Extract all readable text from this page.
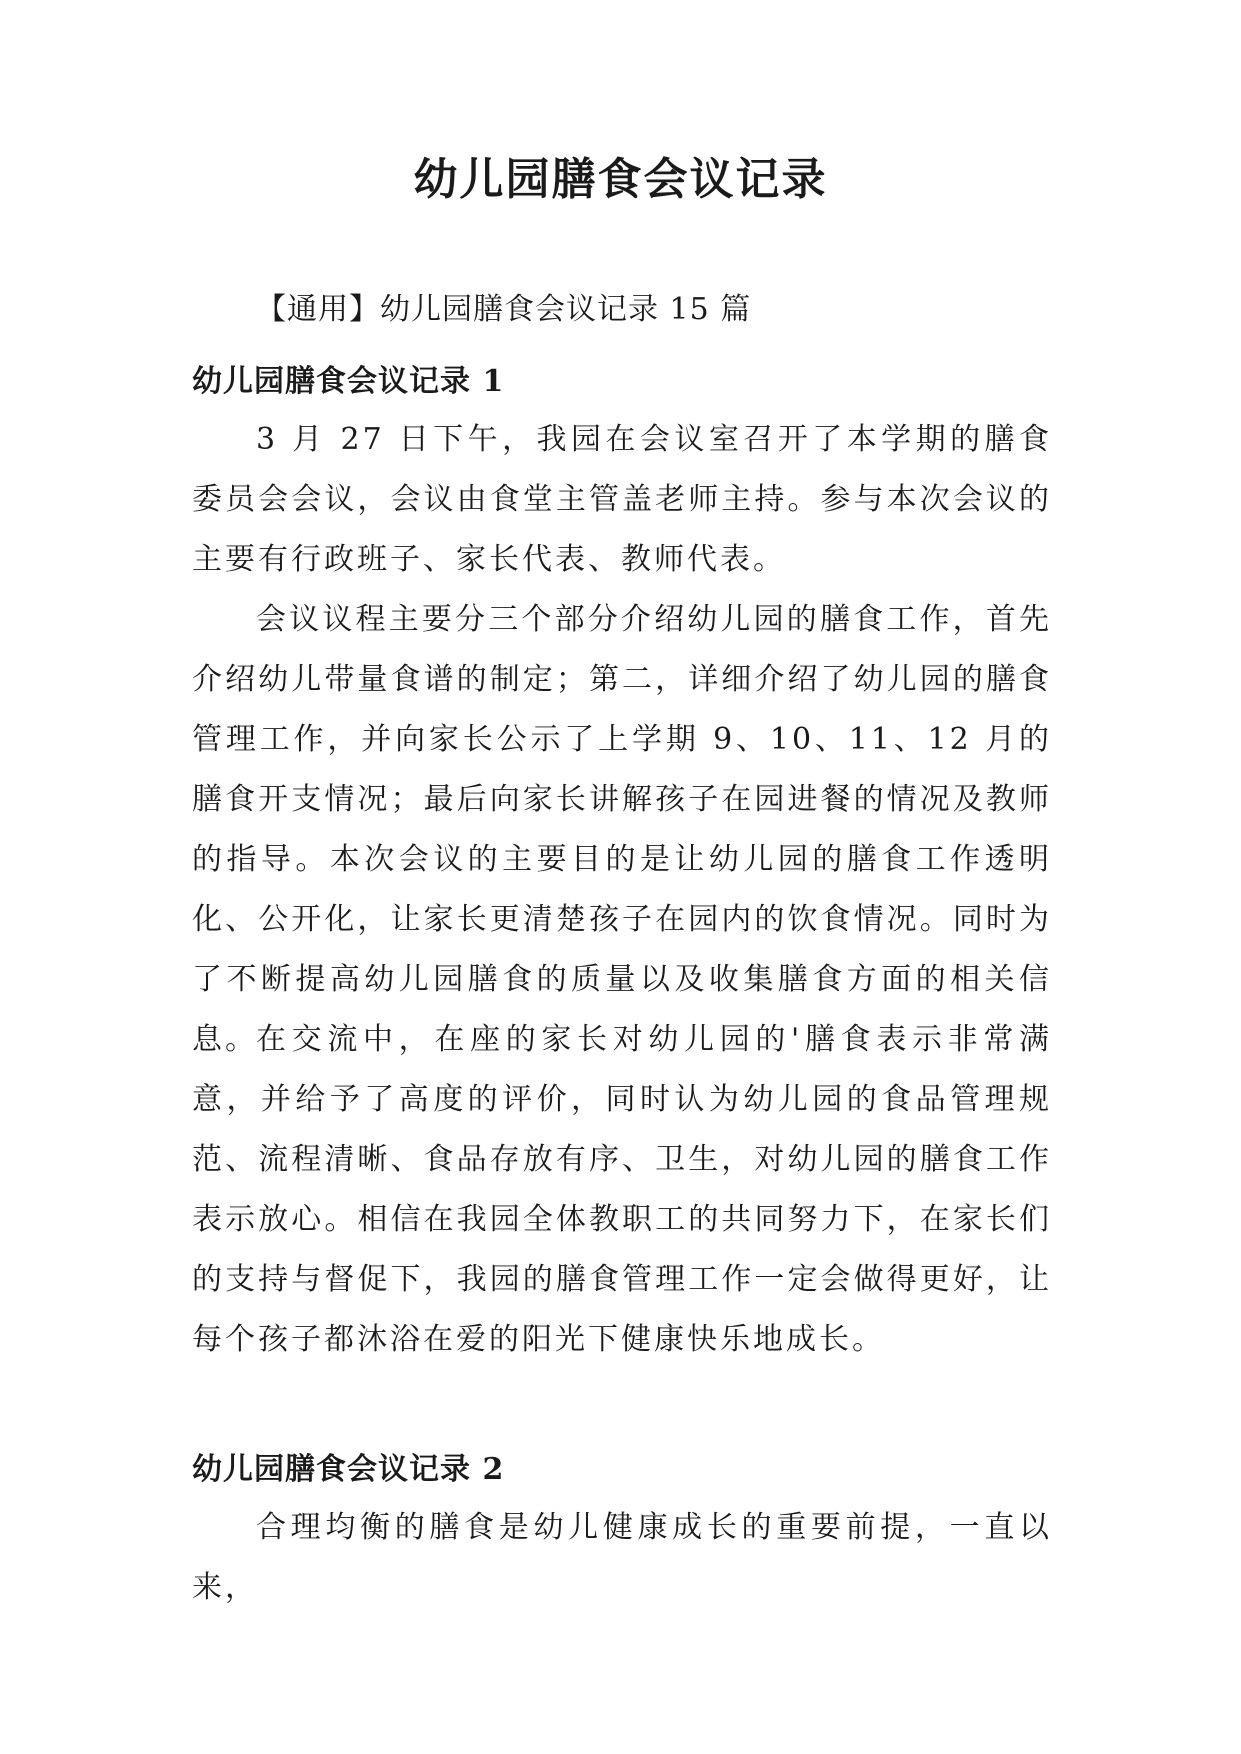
幼儿园膳食会议记录

【通用】幼儿园膳食会议记录 15 篇

幼儿园膳食会议记录 1

3 月 27 日下午，我园在会议室召开了本学期的膳食委员会会议，会议由食堂主管盖老师主持。参与本次会议的主要有行政班子、家长代表、教师代表。

会议议程主要分三个部分介绍幼儿园的膳食工作，首先介绍幼儿带量食谱的制定；第二，详细介绍了幼儿园的膳食管理工作，并向家长公示了上学期 9、10、11、12 月的膳食开支情况；最后向家长讲解孩子在园进餐的情况及教师的指导。本次会议的主要目的是让幼儿园的膳食工作透明化、公开化，让家长更清楚孩子在园内的饮食情况。同时为了不断提高幼儿园膳食的质量以及收集膳食方面的相关信息。

在交流中，在座的家长对幼儿园的'膳食表示非常满意，并给予了高度的评价，同时认为幼儿园的食品管理规范、流程清晰、食品存放有序、卫生，对幼儿园的膳食工作表示放心。相信在我园全体教职工的共同努力下，在家长们的支持与督促下，我园的膳食管理工作一定会做得更好，让每个孩子都沐浴在爱的阳光下健康快乐地成长。

幼儿园膳食会议记录 2

合理均衡的膳食是幼儿健康成长的重要前提，一直以来，
